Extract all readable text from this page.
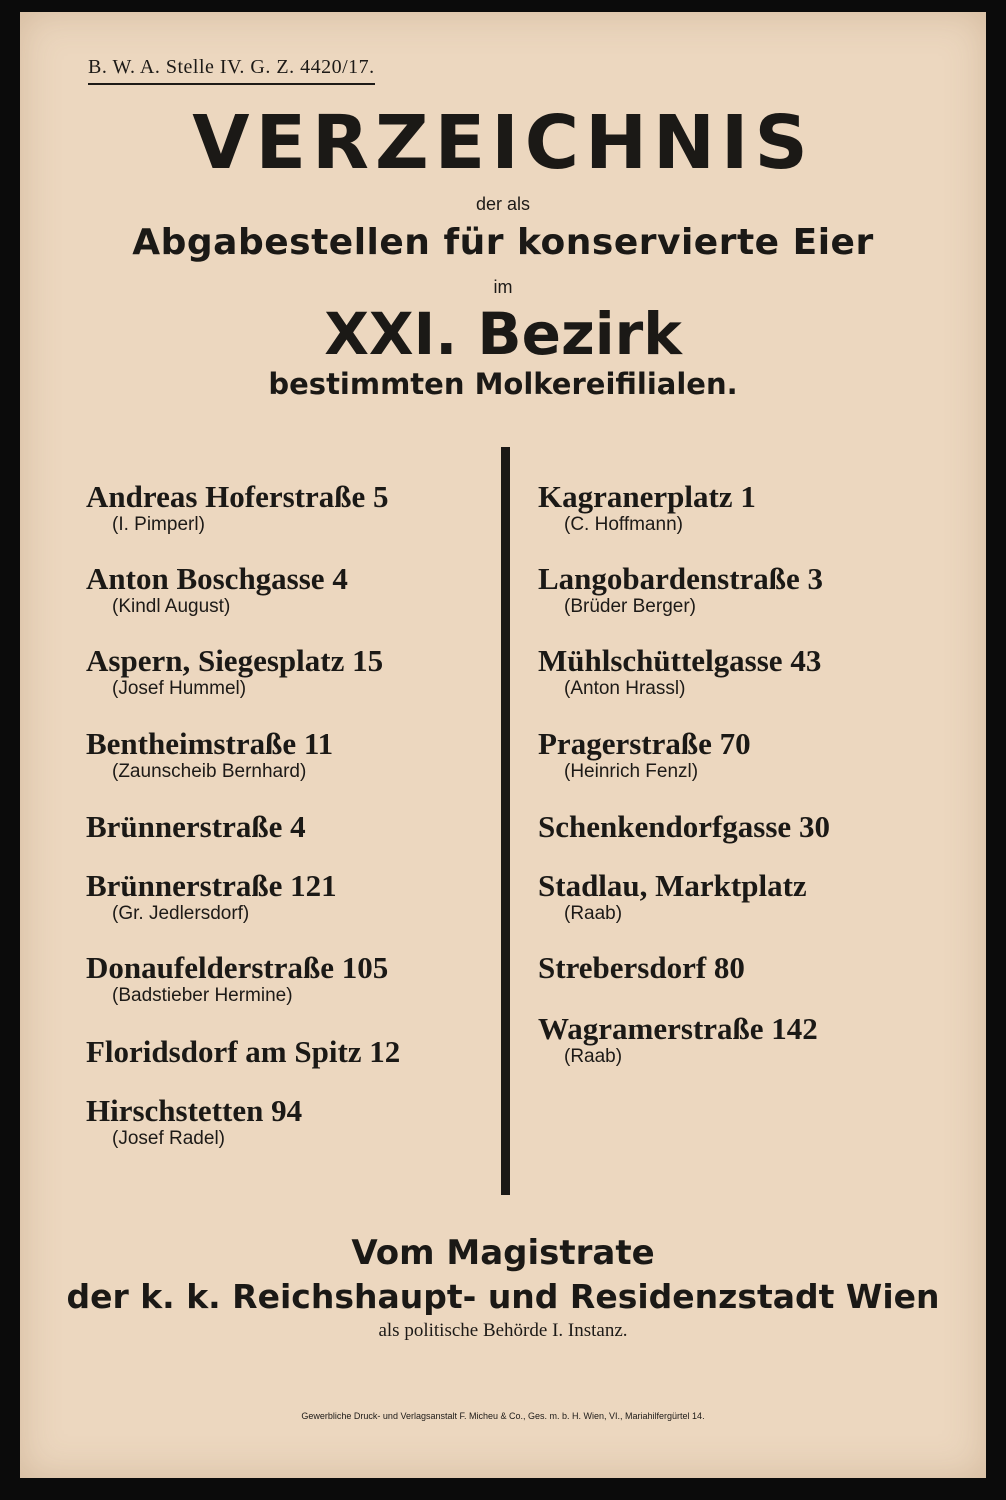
B. W. A. Stelle IV. G. Z. 4420/17.
VERZEICHNIS
der als
Abgabestellen für konservierte Eier
im
XXI. Bezirk
bestimmten Molkereifilialen.
Andreas Hoferstraße 5
(I. Pimperl)
Anton Boschgasse 4
(Kindl August)
Aspern, Siegesplatz 15
(Josef Hummel)
Bentheimstraße 11
(Zaunscheib Bernhard)
Brünnerstraße 4
Brünnerstraße 121
(Gr. Jedlersdorf)
Donaufelderstraße 105
(Badstieber Hermine)
Floridsdorf am Spitz 12
Hirschstetten 94
(Josef Radel)
Kagranerplatz 1
(C. Hoffmann)
Langobardenstraße 3
(Brüder Berger)
Mühlschüttelgasse 43
(Anton Hrassl)
Pragerstraße 70
(Heinrich Fenzl)
Schenkendorfgasse 30
Stadlau, Marktplatz
(Raab)
Strebersdorf 80
Wagramerstraße 142
(Raab)
Vom Magistrate
der k. k. Reichshaupt- und Residenzstadt Wien
als politische Behörde I. Instanz.
Gewerbliche Druck- und Verlagsanstalt F. Micheu & Co., Ges. m. b. H. Wien, VI., Mariahilfergürtel 14.
